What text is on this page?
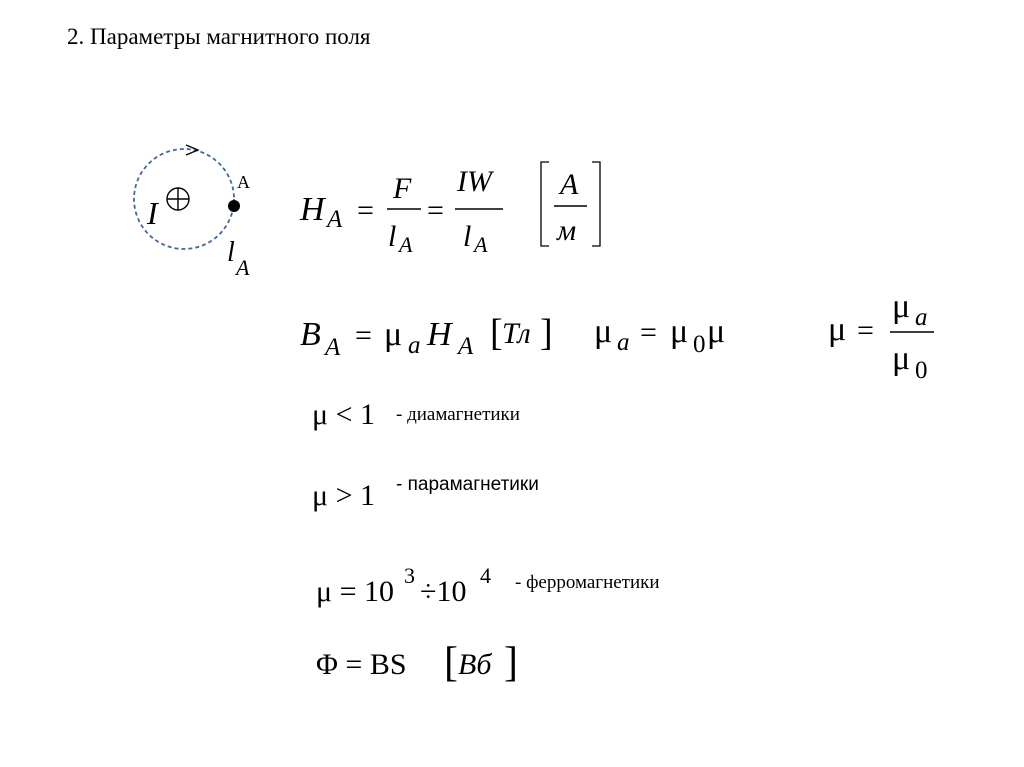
2. Параметры магнитного поля
I
A
l A
H A =
F
l A
=
IW
l A
A
м
B A = μ a H A [ Тл ] μ a = μ 0 μ	μ =
μ a
μ 0
μ < 1 - диамагнетики
μ > 1 - парамагнетики
μ = 10 3 ÷10 4 - ферромагнетики
Φ = BS [ Вб ]
